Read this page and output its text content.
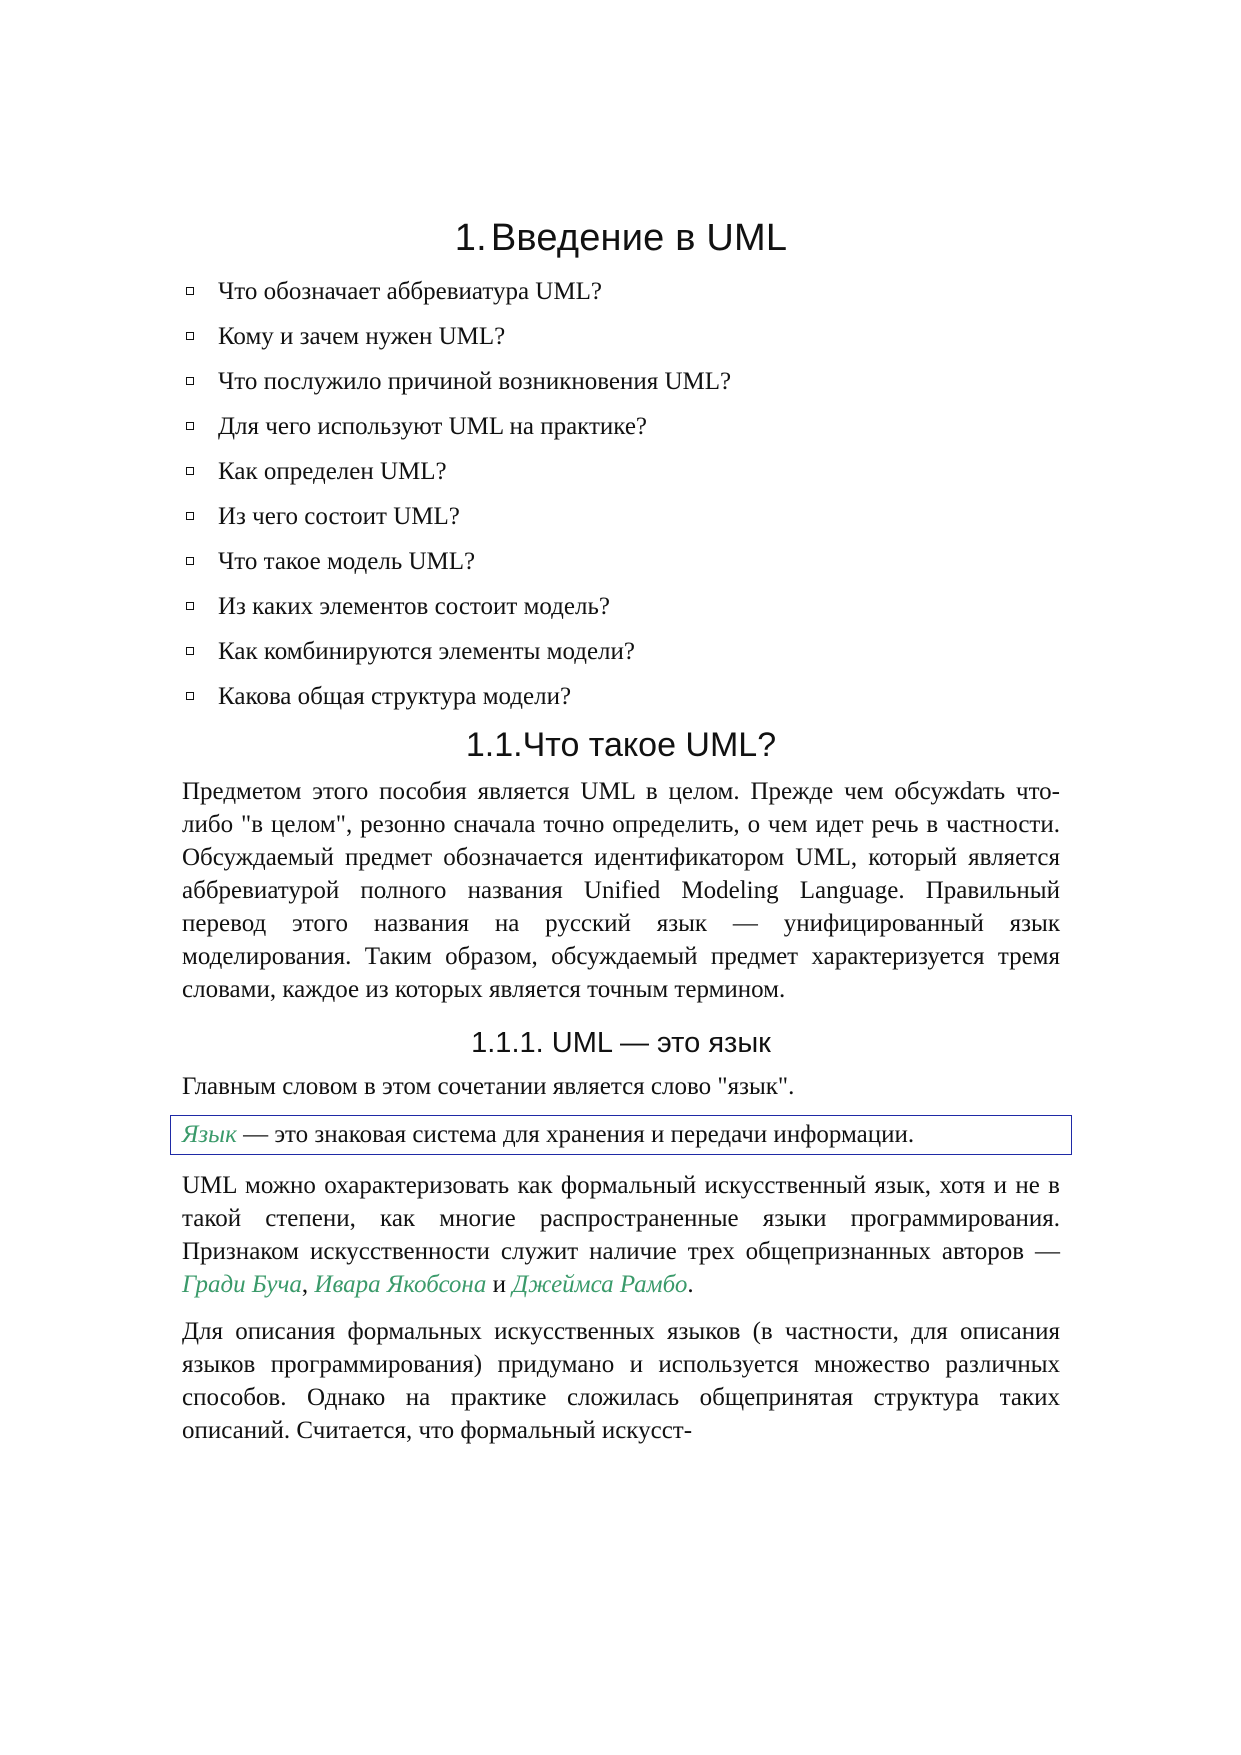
1. Введение в UML
Что обозначает аббревиатура UML?
Кому и зачем нужен UML?
Что послужило причиной возникновения UML?
Для чего используют UML на практике?
Как определен UML?
Из чего состоит UML?
Что такое модель UML?
Из каких элементов состоит модель?
Как комбинируются элементы модели?
Какова общая структура модели?
1.1.Что такое UML?

Предметом этого пособия является UML в целом. Прежде чем обсужdать что-либо "в целом", резонно сначала точно определить, о чем идет речь в частности. Обсуждаемый предмет обозначается идентификатором UML, который является аббревиатурой полного названия Unified Modeling Language. Правильный перевод этого названия на русский язык — унифицированный язык моделирования. Таким образом, обсуждаемый предмет характеризуется тремя словами, каждое из которых является точным термином.

1.1.1. UML — это язык

Главным словом в этом сочетании является слово "язык".

Язык — это знаковая система для хранения и передачи информации.

UML можно охарактеризовать как формальный искусственный язык, хотя и не в такой степени, как многие распространенные языки программирования. Признаком искусственности служит наличие трех общепризнанных авторов — Гради Буча, Ивара Якобсона и Джеймса Рамбо.

Для описания формальных искусственных языков (в частности, для описания языков программирования) придумано и используется множество различных способов. Однако на практике сложилась общепринятая структура таких описаний. Считается, что формальный искусст-
